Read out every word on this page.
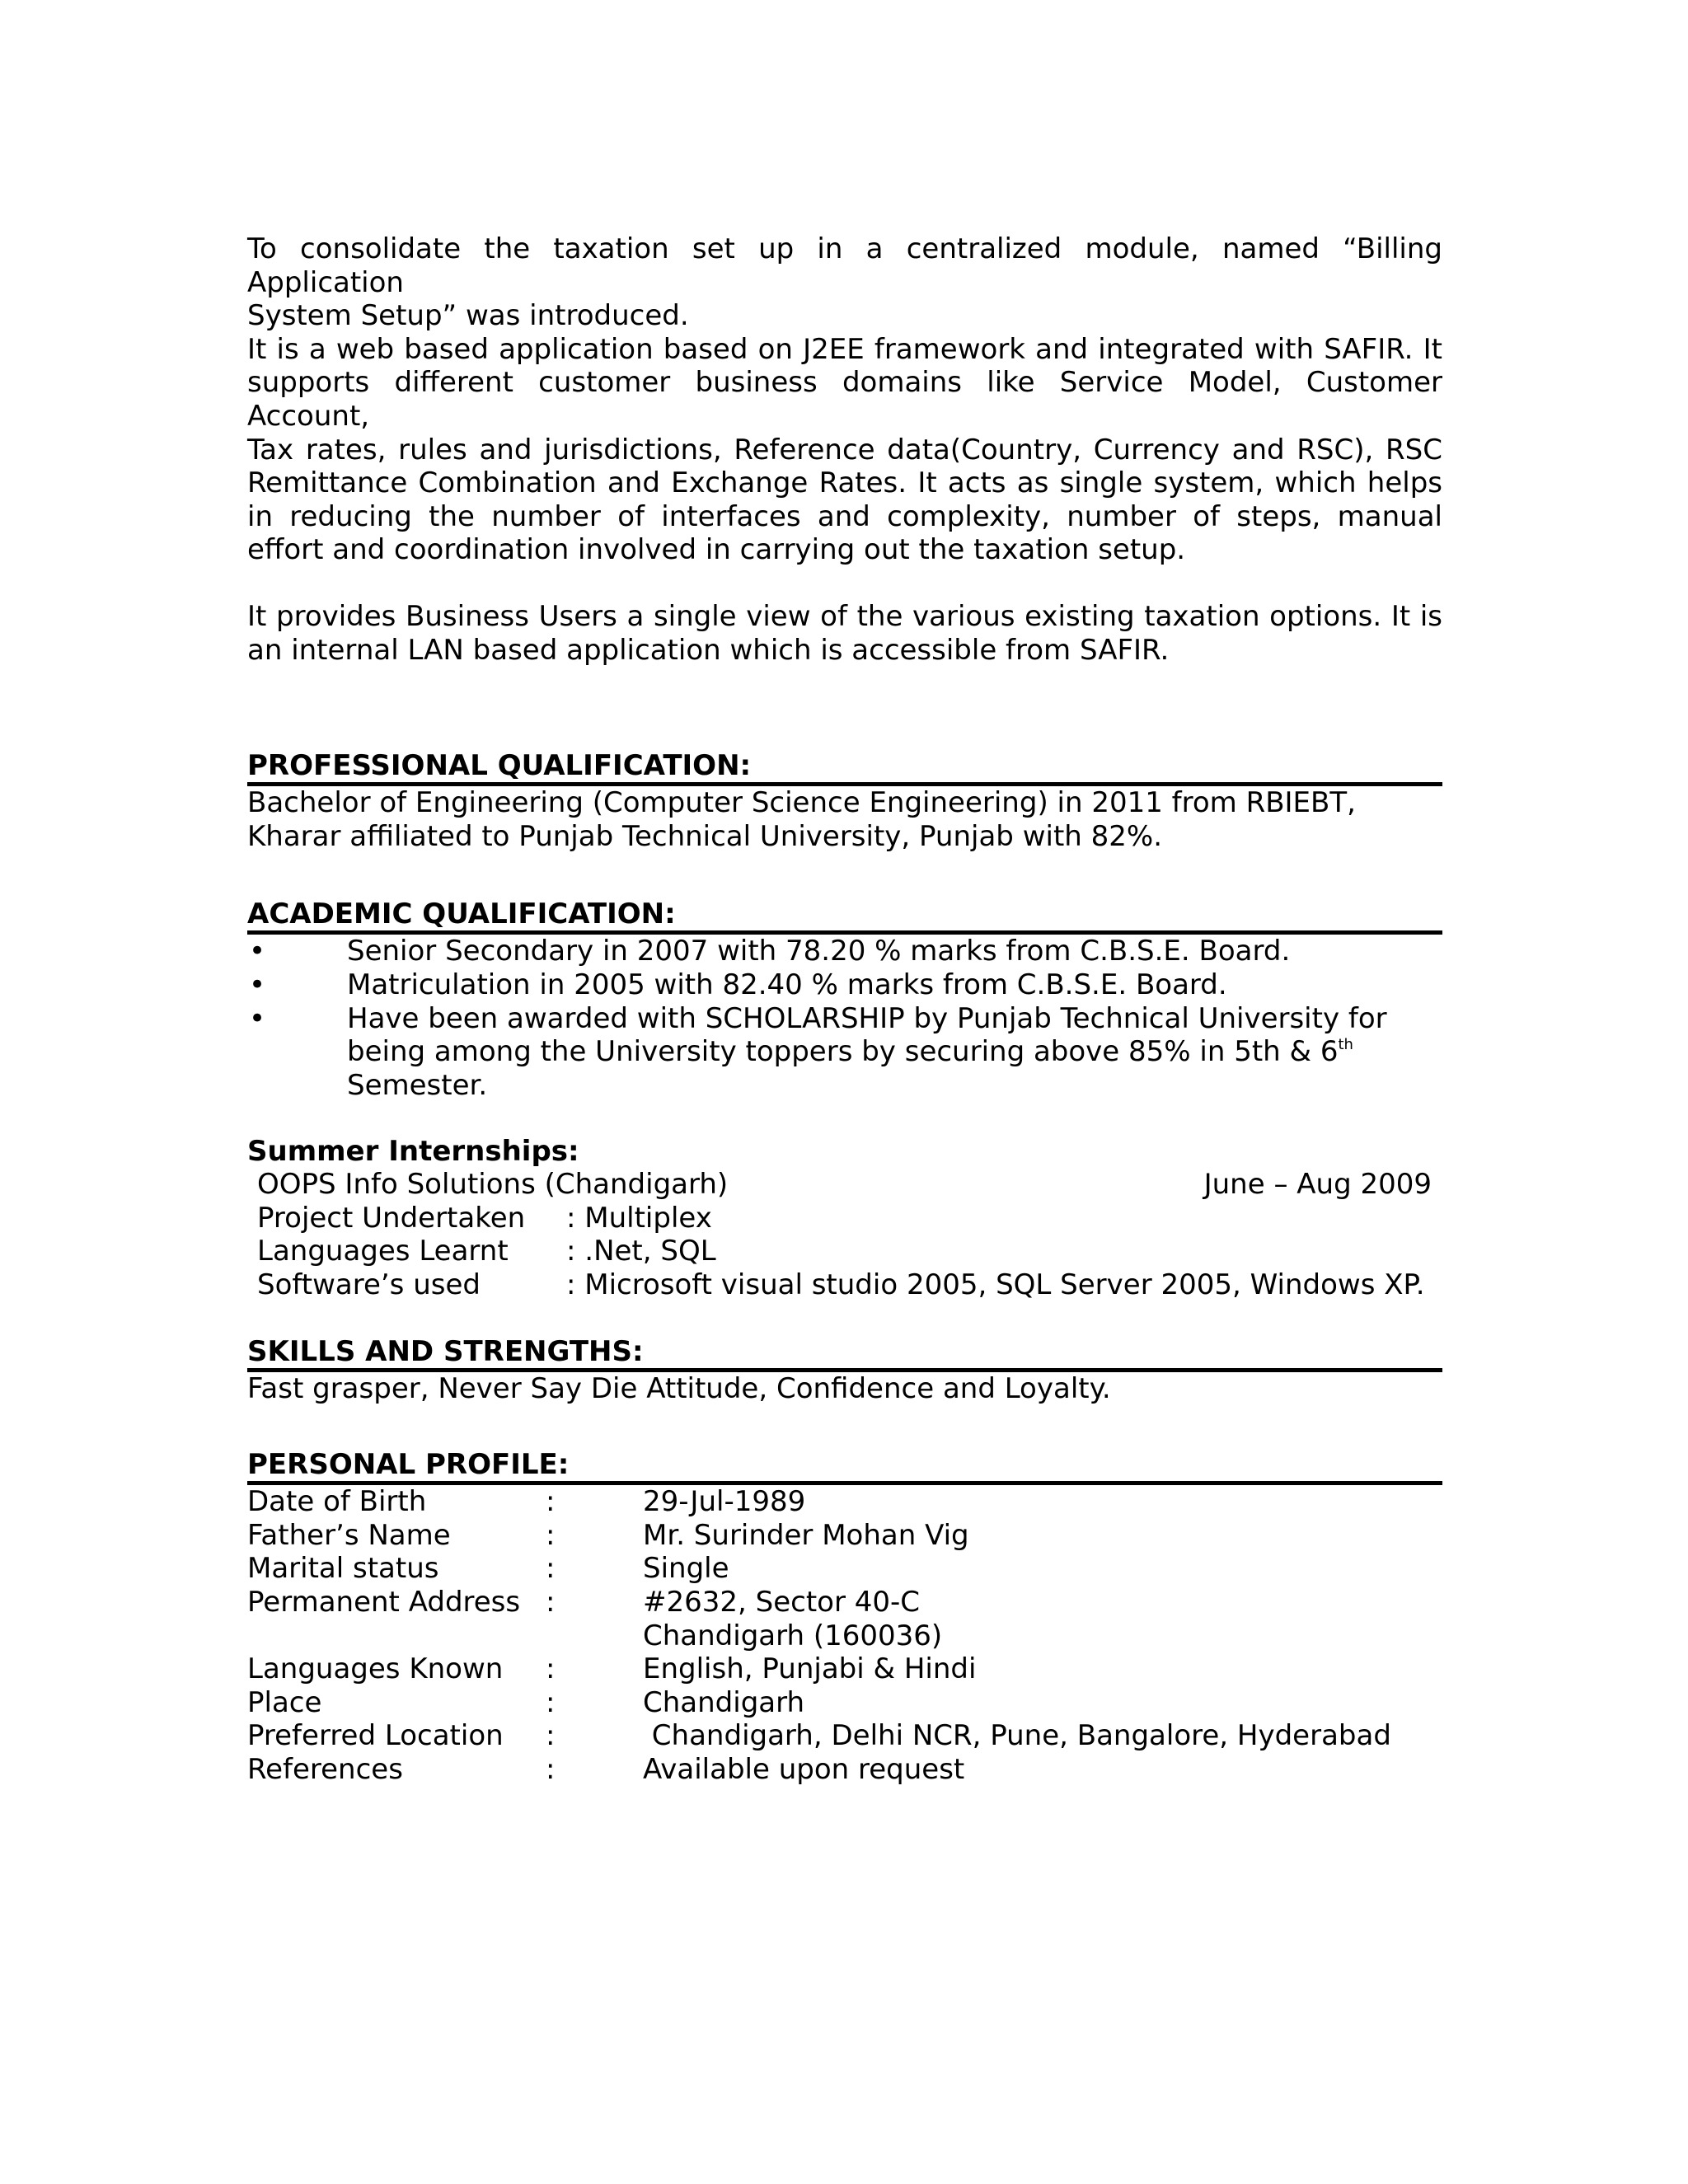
To consolidate the taxation set up in a centralized module, named “Billing Application

System Setup” was introduced.

It is a web based application based on J2EE framework and integrated with SAFIR. It

supports different customer business domains like Service Model, Customer Account,

Tax rates, rules and jurisdictions, Reference data(Country, Currency and RSC), RSC

Remittance Combination and Exchange Rates. It acts as single system, which helps

in reducing the number of interfaces and complexity, number of steps, manual

effort and coordination involved in carrying out the taxation setup.

It provides Business Users a single view of the various existing taxation options. It is

an internal LAN based application which is accessible from SAFIR.

PROFESSIONAL QUALIFICATION:

Bachelor of Engineering (Computer Science Engineering) in 2011 from RBIEBT,

Kharar affiliated to Punjab Technical University, Punjab with 82%.

ACADEMIC QUALIFICATION:
•	Senior Secondary in 2007 with 78.20 % marks from C.B.S.E. Board.
•	Matriculation in 2005 with 82.40 % marks from C.B.S.E. Board.
•	Have been awarded with SCHOLARSHIP by Punjab Technical University for
being among the University toppers by securing above 85% in 5th & 6th
Semester.
Summer Internships:
OOPS Info Solutions (Chandigarh)	June – Aug 2009
Project Undertaken	: Multiplex
Languages Learnt	: .Net, SQL
Software’s used	: Microsoft visual studio 2005, SQL Server 2005, Windows XP.
SKILLS AND STRENGTHS:

Fast grasper, Never Say Die Attitude, Confidence and Loyalty.

PERSONAL PROFILE:
Date of Birth	:	29-Jul-1989
Father’s Name	:	Mr. Surinder Mohan Vig
Marital status	:	Single
Permanent Address	:	#2632, Sector 40-C
		Chandigarh (160036)
Languages Known	:	English, Punjabi & Hindi
Place	:	Chandigarh
Preferred Location	:	Chandigarh, Delhi NCR, Pune, Bangalore, Hyderabad
References	:	Available upon request
